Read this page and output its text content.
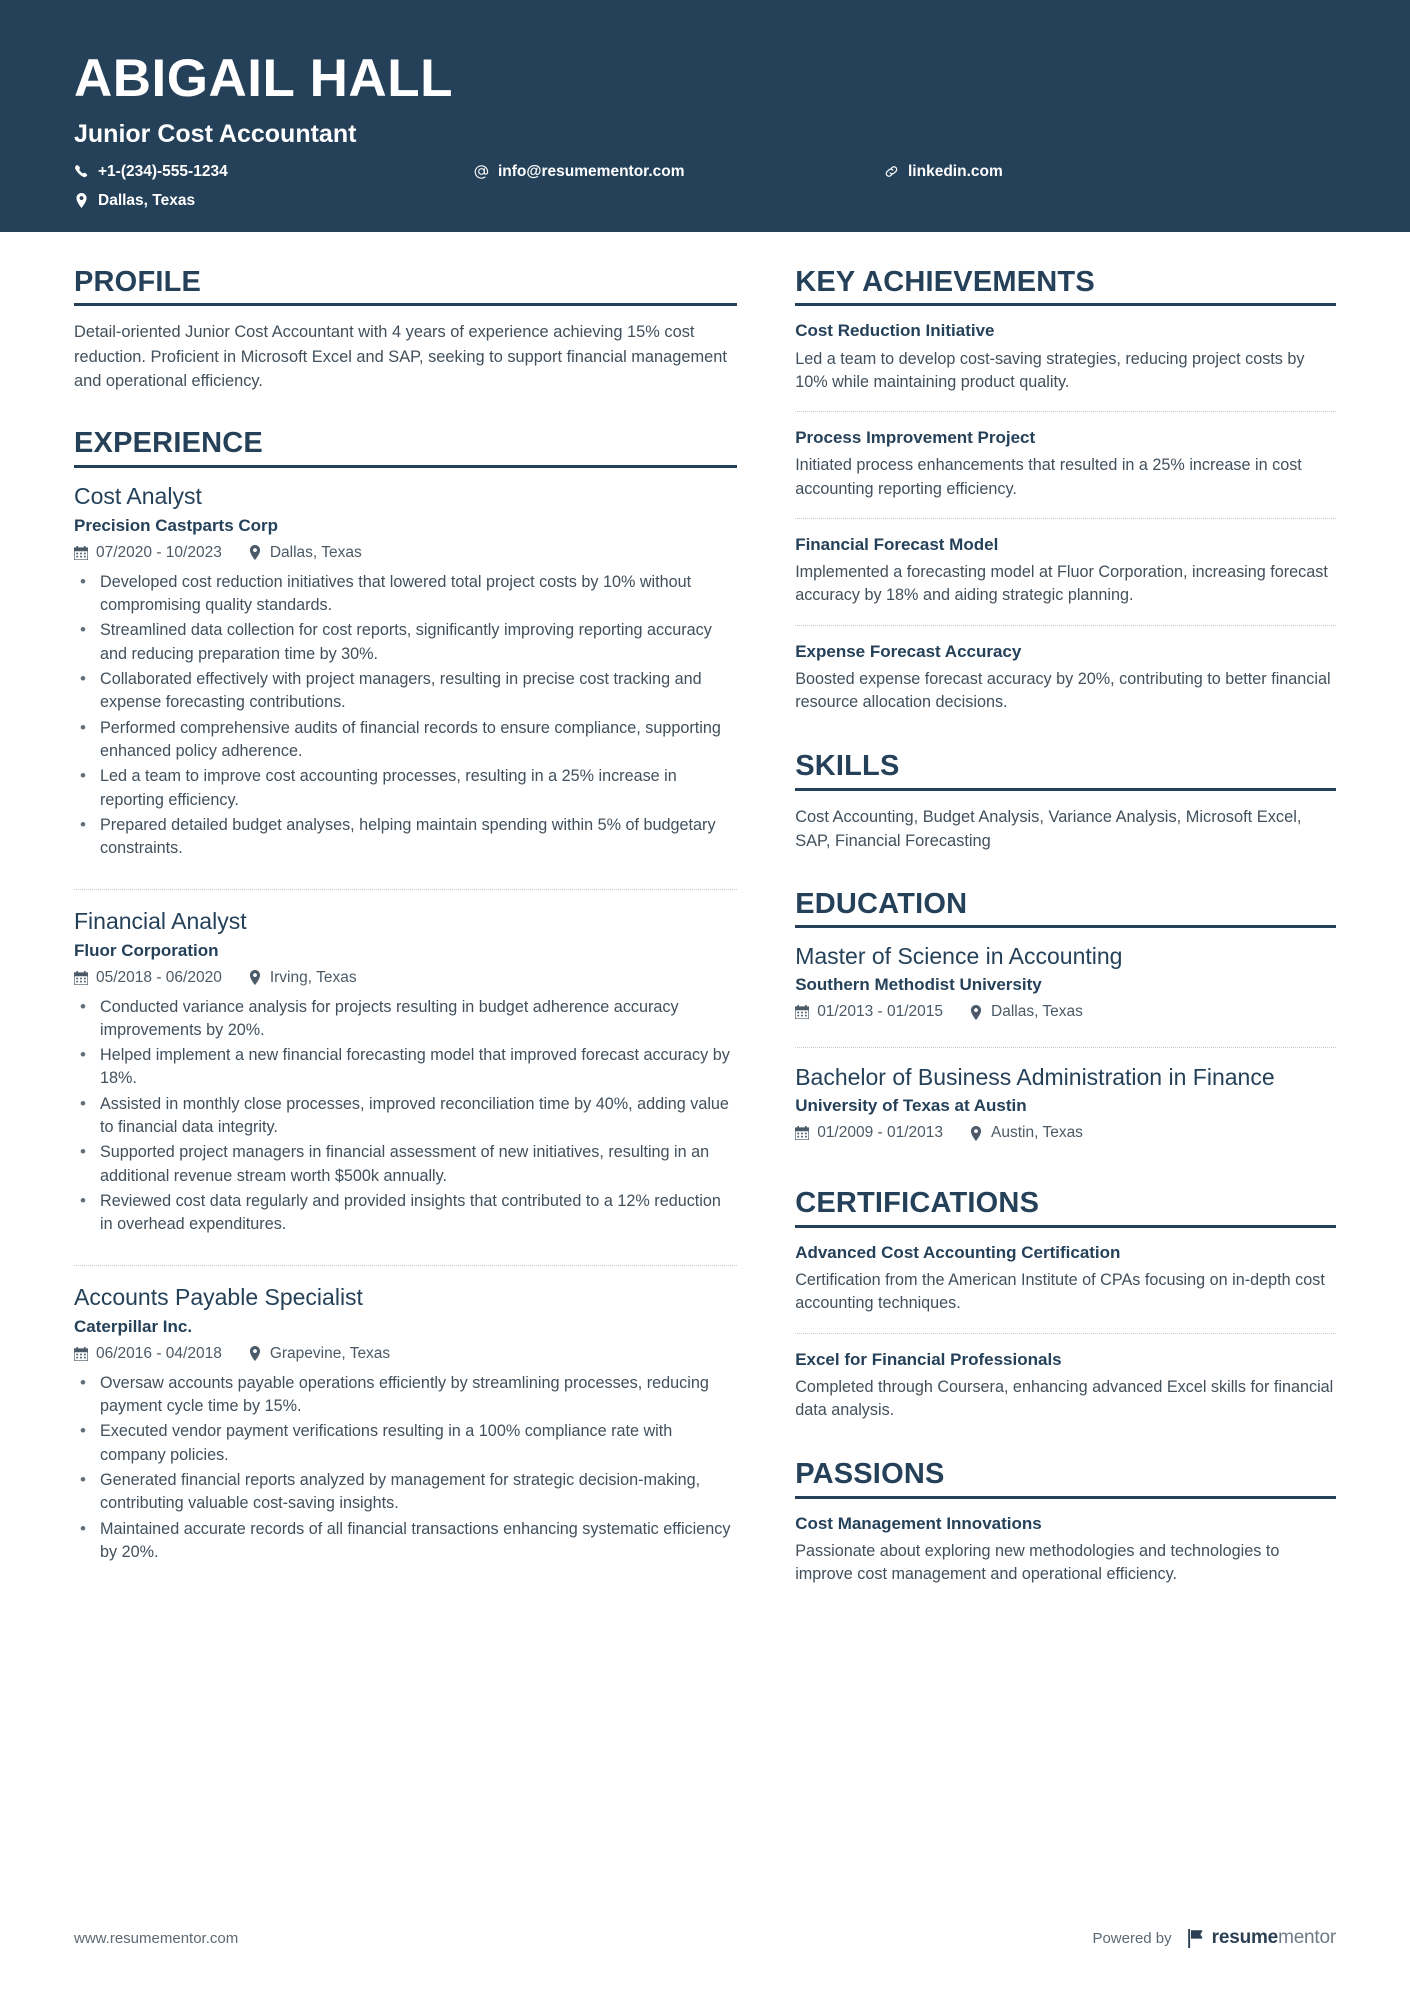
ABIGAIL HALL
Junior Cost Accountant
+1-(234)-555-1234
Dallas, Texas
info@resumementor.com	linkedin.com
PROFILE

Detail-oriented Junior Cost Accountant with 4 years of experience achieving 15% cost reduction. Proficient in Microsoft Excel and SAP, seeking to support financial management and operational efficiency.

EXPERIENCE
Cost Analyst
Precision Castparts Corp
07/2020 - 10/2023	Dallas, Texas
• Developed cost reduction initiatives that lowered total project costs by 10% without compromising quality standards.
• Streamlined data collection for cost reports, significantly improving reporting accuracy and reducing preparation time by 30%.
• Collaborated effectively with project managers, resulting in precise cost tracking and expense forecasting contributions.
• Performed comprehensive audits of financial records to ensure compliance, supporting enhanced policy adherence.
• Led a team to improve cost accounting processes, resulting in a 25% increase in reporting efficiency.
• Prepared detailed budget analyses, helping maintain spending within 5% of budgetary constraints.
Financial Analyst
Fluor Corporation
05/2018 - 06/2020	Irving, Texas
• Conducted variance analysis for projects resulting in budget adherence accuracy improvements by 20%.
• Helped implement a new financial forecasting model that improved forecast accuracy by 18%.
• Assisted in monthly close processes, improved reconciliation time by 40%, adding value to financial data integrity.
• Supported project managers in financial assessment of new initiatives, resulting in an additional revenue stream worth $500k annually.
• Reviewed cost data regularly and provided insights that contributed to a 12% reduction in overhead expenditures.
Accounts Payable Specialist
Caterpillar Inc.
06/2016 - 04/2018	Grapevine, Texas
• Oversaw accounts payable operations efficiently by streamlining processes, reducing payment cycle time by 15%.
• Executed vendor payment verifications resulting in a 100% compliance rate with company policies.
• Generated financial reports analyzed by management for strategic decision-making, contributing valuable cost-saving insights.
• Maintained accurate records of all financial transactions enhancing systematic efficiency by 20%.
KEY ACHIEVEMENTS
Cost Reduction Initiative
Led a team to develop cost-saving strategies, reducing project costs by 10% while maintaining product quality.
Process Improvement Project
Initiated process enhancements that resulted in a 25% increase in cost accounting reporting efficiency.
Financial Forecast Model
Implemented a forecasting model at Fluor Corporation, increasing forecast accuracy by 18% and aiding strategic planning.
Expense Forecast Accuracy
Boosted expense forecast accuracy by 20%, contributing to better financial resource allocation decisions.
SKILLS

Cost Accounting, Budget Analysis, Variance Analysis, Microsoft Excel, SAP, Financial Forecasting

EDUCATION
Master of Science in Accounting
Southern Methodist University
01/2013 - 01/2015	Dallas, Texas
Bachelor of Business Administration in Finance
University of Texas at Austin
01/2009 - 01/2013	Austin, Texas
CERTIFICATIONS
Advanced Cost Accounting Certification
Certification from the American Institute of CPAs focusing on in-depth cost accounting techniques.
Excel for Financial Professionals
Completed through Coursera, enhancing advanced Excel skills for financial data analysis.
PASSIONS
Cost Management Innovations
Passionate about exploring new methodologies and technologies to improve cost management and operational efficiency.
www.resumementor.com	Powered by resumementor
